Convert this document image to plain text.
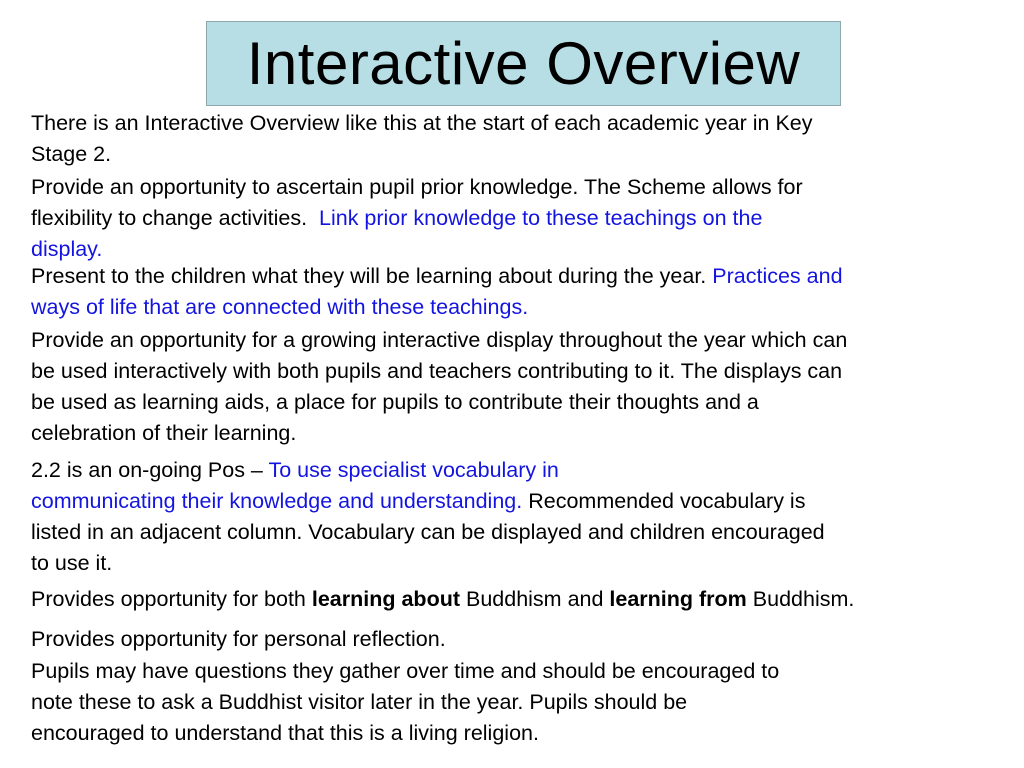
Interactive Overview
There is an Interactive Overview like this at the start of each academic year in Key
Stage 2.
Provide an opportunity to ascertain pupil prior knowledge. The Scheme allows for
flexibility to change activities. Link prior knowledge to these teachings on the
display.
Present to the children what they will be learning about during the year. Practices and
ways of life that are connected with these teachings.
Provide an opportunity for a growing interactive display throughout the year which can
be used interactively with both pupils and teachers contributing to it. The displays can
be used as learning aids, a place for pupils to contribute their thoughts and a
celebration of their learning.
2.2 is an on-going Pos – To use specialist vocabulary in
communicating their knowledge and understanding. Recommended vocabulary is
listed in an adjacent column. Vocabulary can be displayed and children encouraged
to use it.
Provides opportunity for both learning about Buddhism and learning from Buddhism.
Provides opportunity for personal reflection.
Pupils may have questions they gather over time and should be encouraged to
note these to ask a Buddhist visitor later in the year. Pupils should be
encouraged to understand that this is a living religion.
